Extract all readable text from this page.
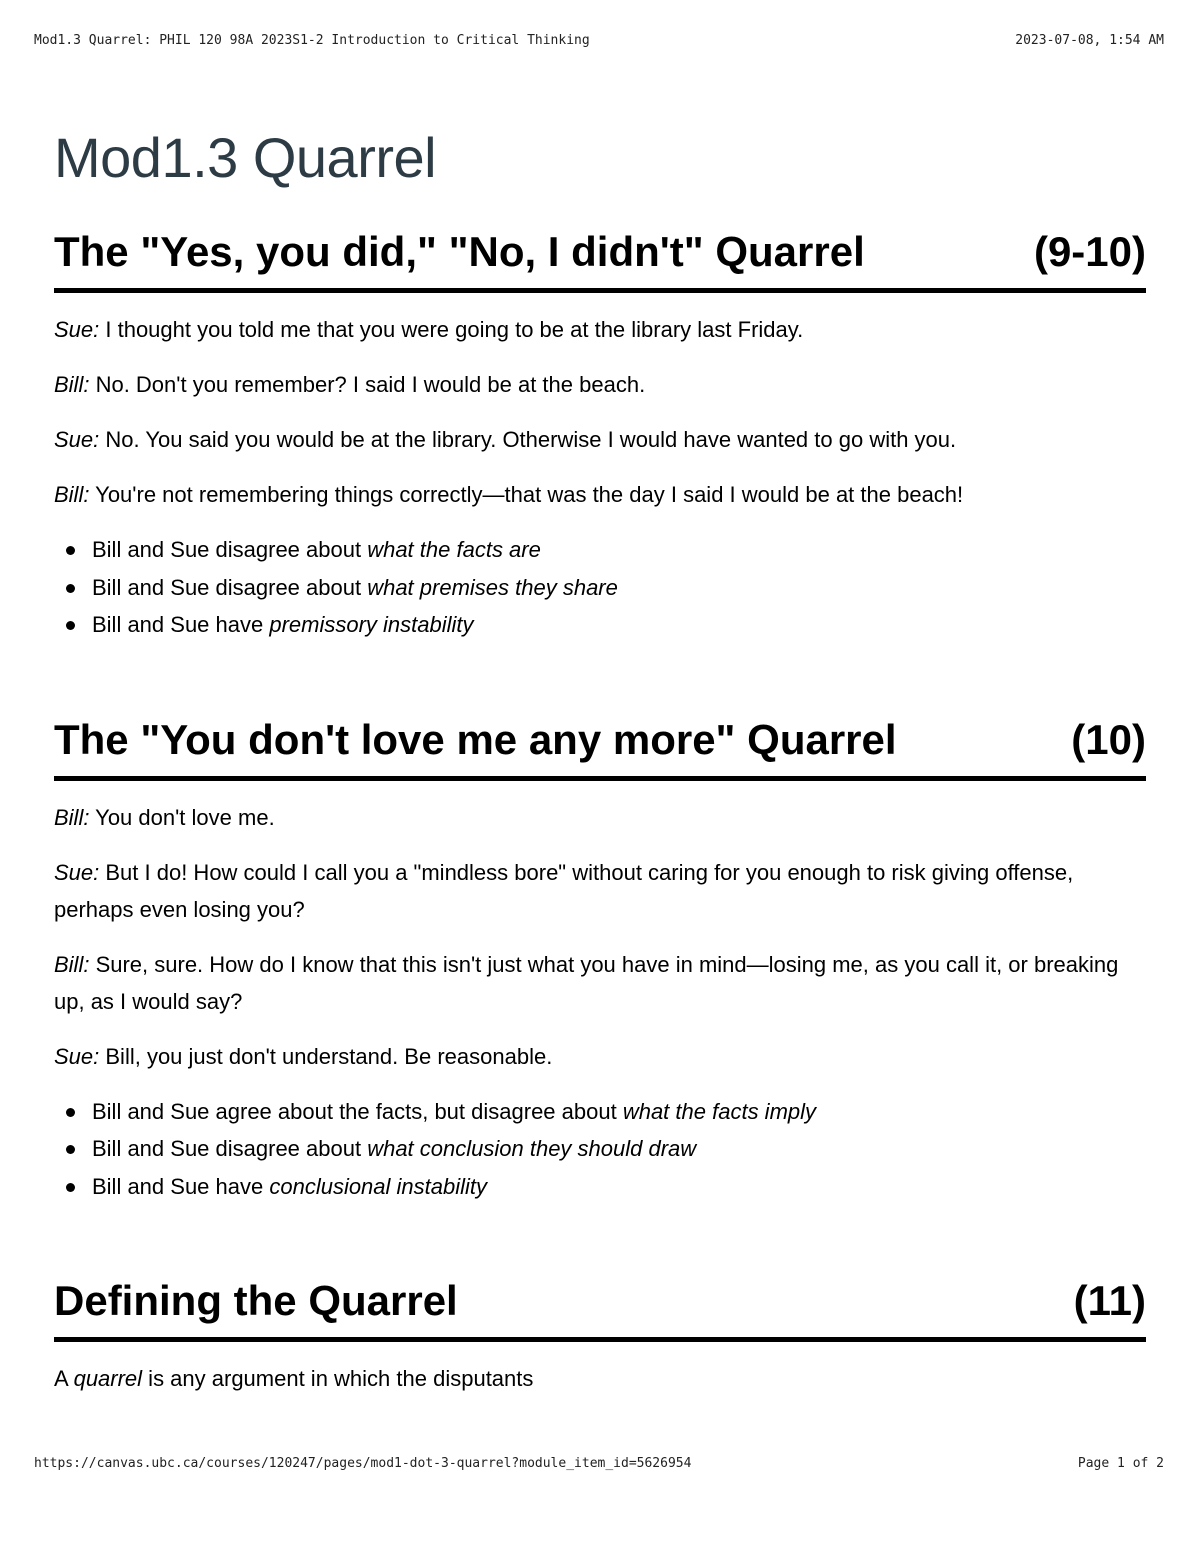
Mod1.3 Quarrel: PHIL 120 98A 2023S1-2 Introduction to Critical Thinking	2023-07-08, 1:54 AM
Mod1.3 Quarrel
The "Yes, you did," "No, I didn't" Quarrel	(9-10)

Sue: I thought you told me that you were going to be at the library last Friday.

Bill: No. Don't you remember? I said I would be at the beach.

Sue: No. You said you would be at the library. Otherwise I would have wanted to go with you.

Bill: You're not remembering things correctly—that was the day I said I would be at the beach!

Bill and Sue disagree about what the facts are
Bill and Sue disagree about what premises they share
Bill and Sue have premissory instability
The "You don't love me any more" Quarrel	(10)

Bill: You don't love me.

Sue: But I do! How could I call you a "mindless bore" without caring for you enough to risk giving offense, perhaps even losing you?

Bill: Sure, sure. How do I know that this isn't just what you have in mind—losing me, as you call it, or breaking up, as I would say?

Sue: Bill, you just don't understand. Be reasonable.

Bill and Sue agree about the facts, but disagree about what the facts imply
Bill and Sue disagree about what conclusion they should draw
Bill and Sue have conclusional instability
Defining the Quarrel	(11)

A quarrel is any argument in which the disputants

https://canvas.ubc.ca/courses/120247/pages/mod1-dot-3-quarrel?module_item_id=5626954	Page 1 of 2
